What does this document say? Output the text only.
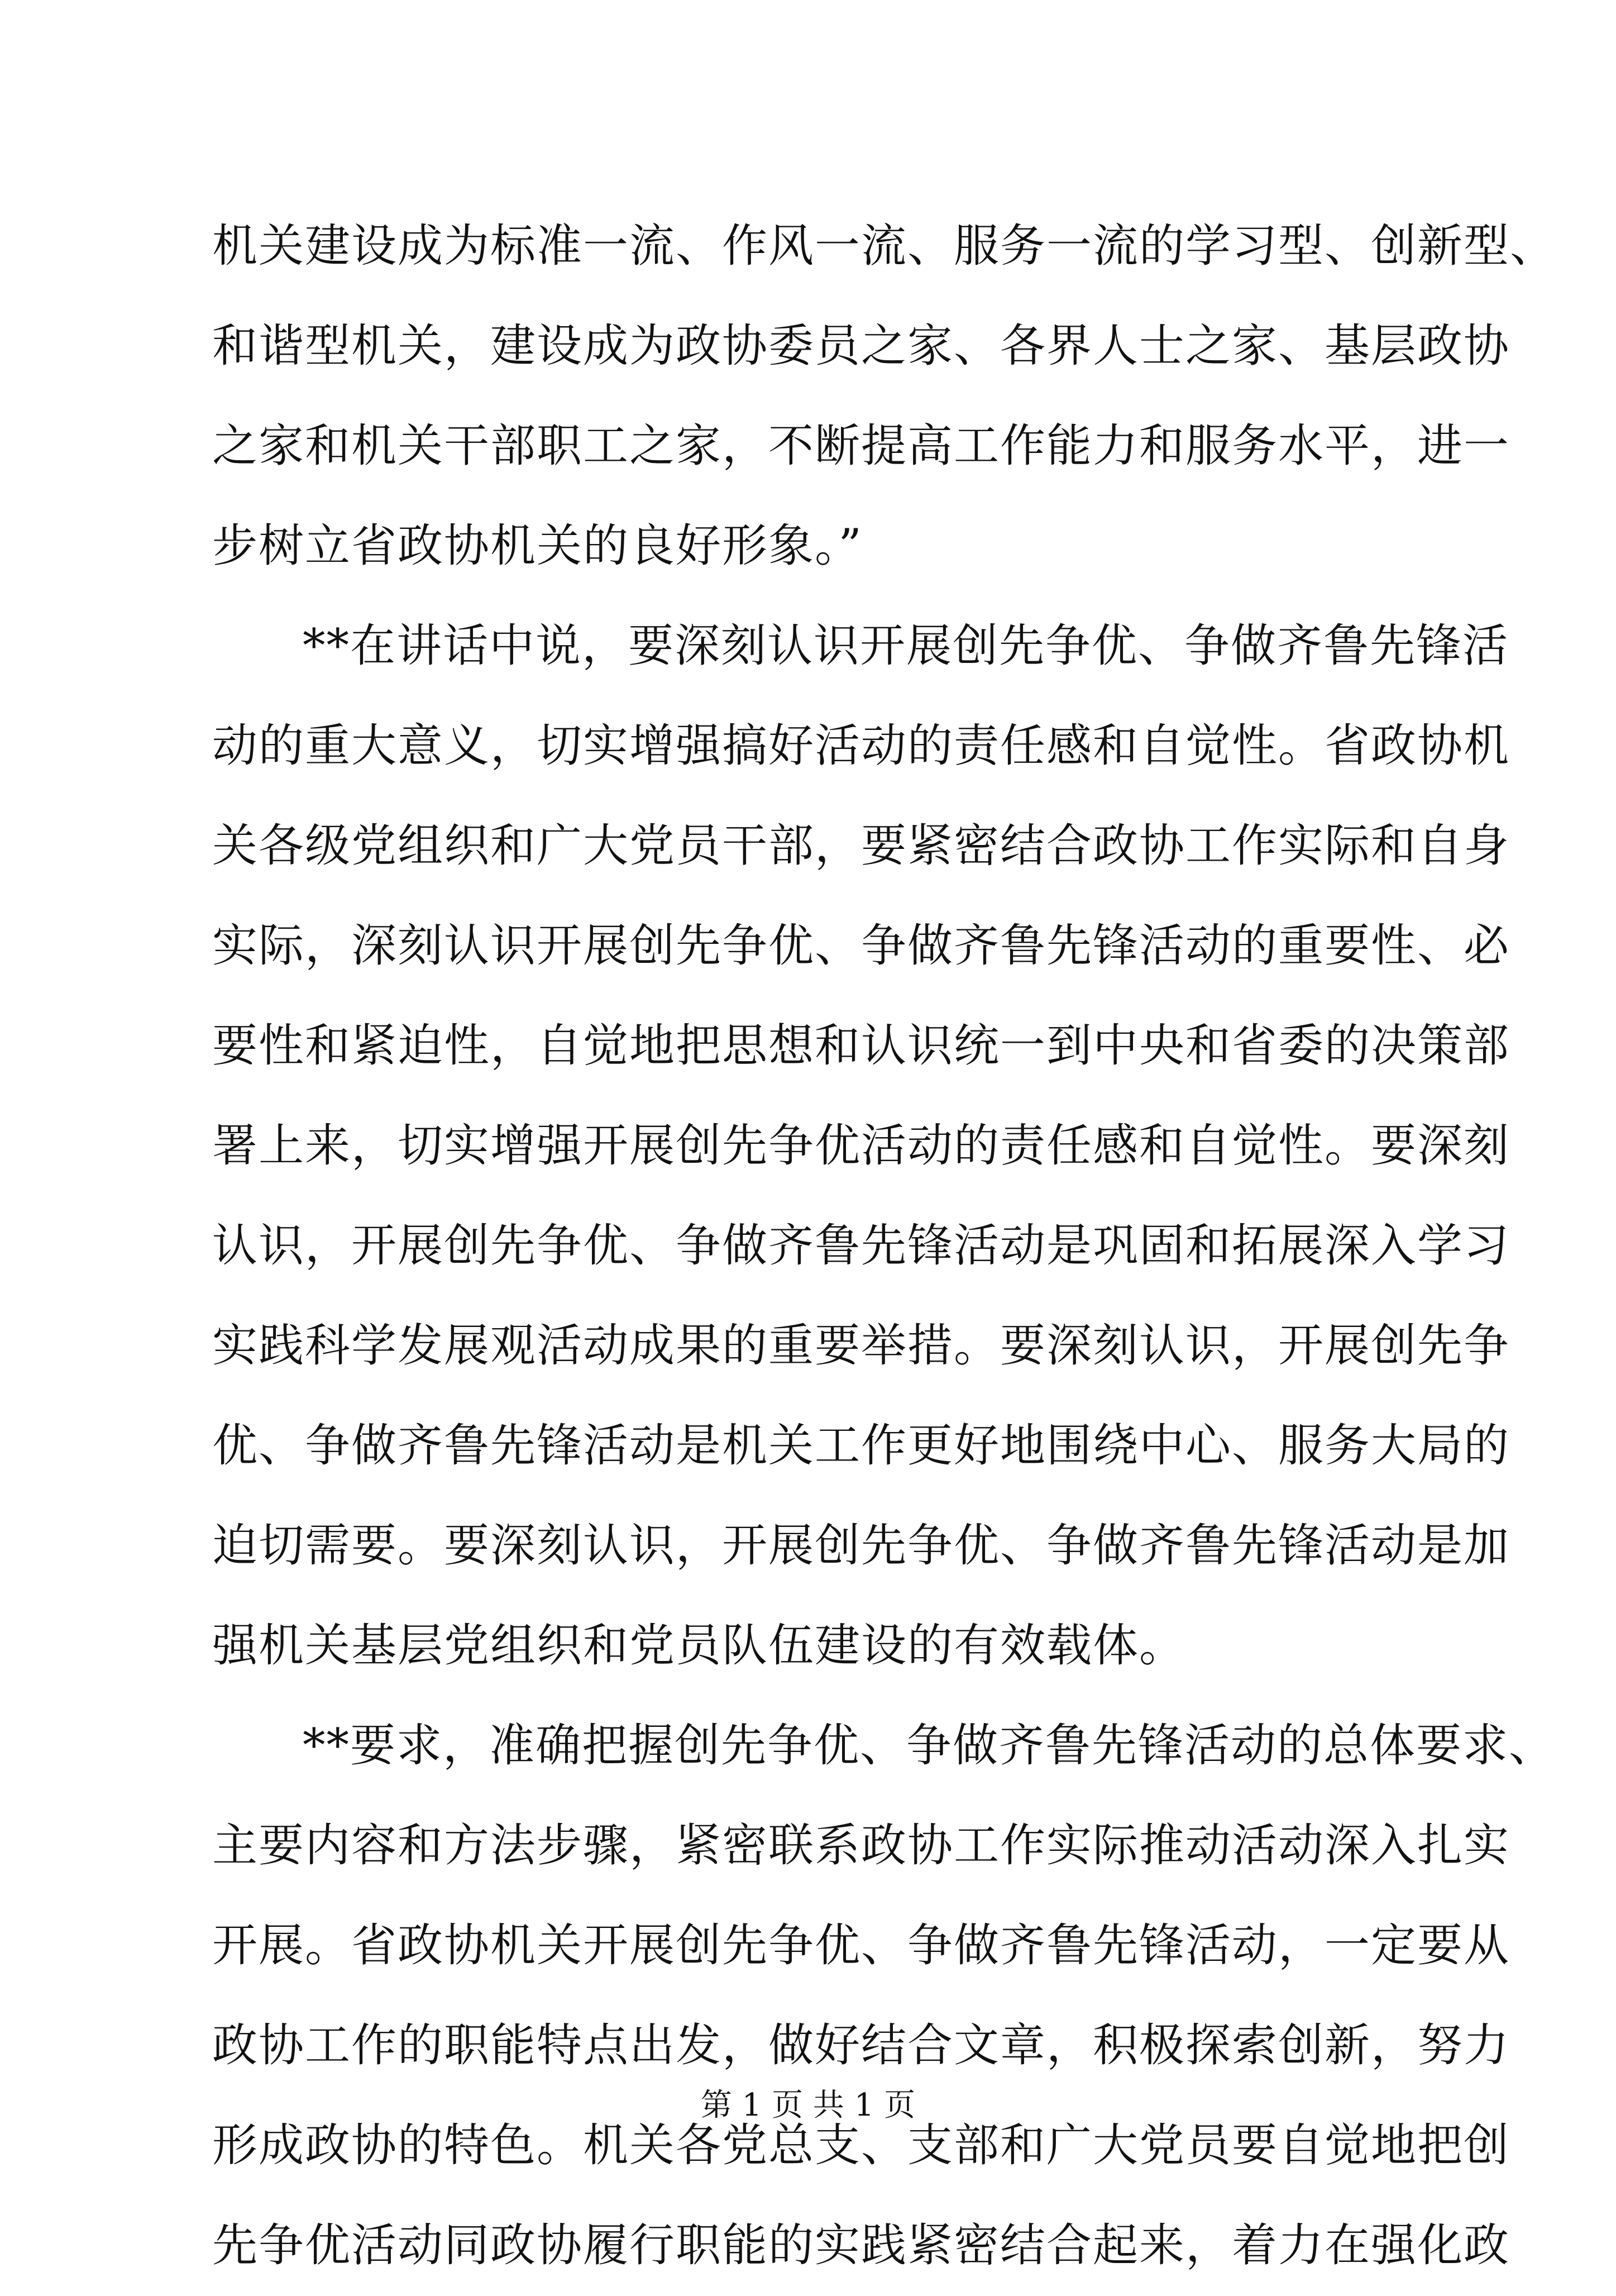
机关建设成为标准一流、作风一流、服务一流的学习型、创新型、
和谐型机关，建设成为政协委员之家、各界人士之家、基层政协
之家和机关干部职工之家，不断提高工作能力和服务水平，进一
步树立省政协机关的良好形象。”
**在讲话中说，要深刻认识开展创先争优、争做齐鲁先锋活
动的重大意义，切实增强搞好活动的责任感和自觉性。省政协机
关各级党组织和广大党员干部，要紧密结合政协工作实际和自身
实际，深刻认识开展创先争优、争做齐鲁先锋活动的重要性、必
要性和紧迫性，自觉地把思想和认识统一到中央和省委的决策部
署上来，切实增强开展创先争优活动的责任感和自觉性。要深刻
认识，开展创先争优、争做齐鲁先锋活动是巩固和拓展深入学习
实践科学发展观活动成果的重要举措。要深刻认识，开展创先争
优、争做齐鲁先锋活动是机关工作更好地围绕中心、服务大局的
迫切需要。要深刻认识，开展创先争优、争做齐鲁先锋活动是加
强机关基层党组织和党员队伍建设的有效载体。
**要求，准确把握创先争优、争做齐鲁先锋活动的总体要求、
主要内容和方法步骤，紧密联系政协工作实际推动活动深入扎实
开展。省政协机关开展创先争优、争做齐鲁先锋活动，一定要从
政协工作的职能特点出发，做好结合文章，积极探索创新，努力
形成政协的特色。机关各党总支、支部和广大党员要自觉地把创
先争优活动同政协履行职能的实践紧密结合起来，着力在强化政
第 1 页 共 1 页
